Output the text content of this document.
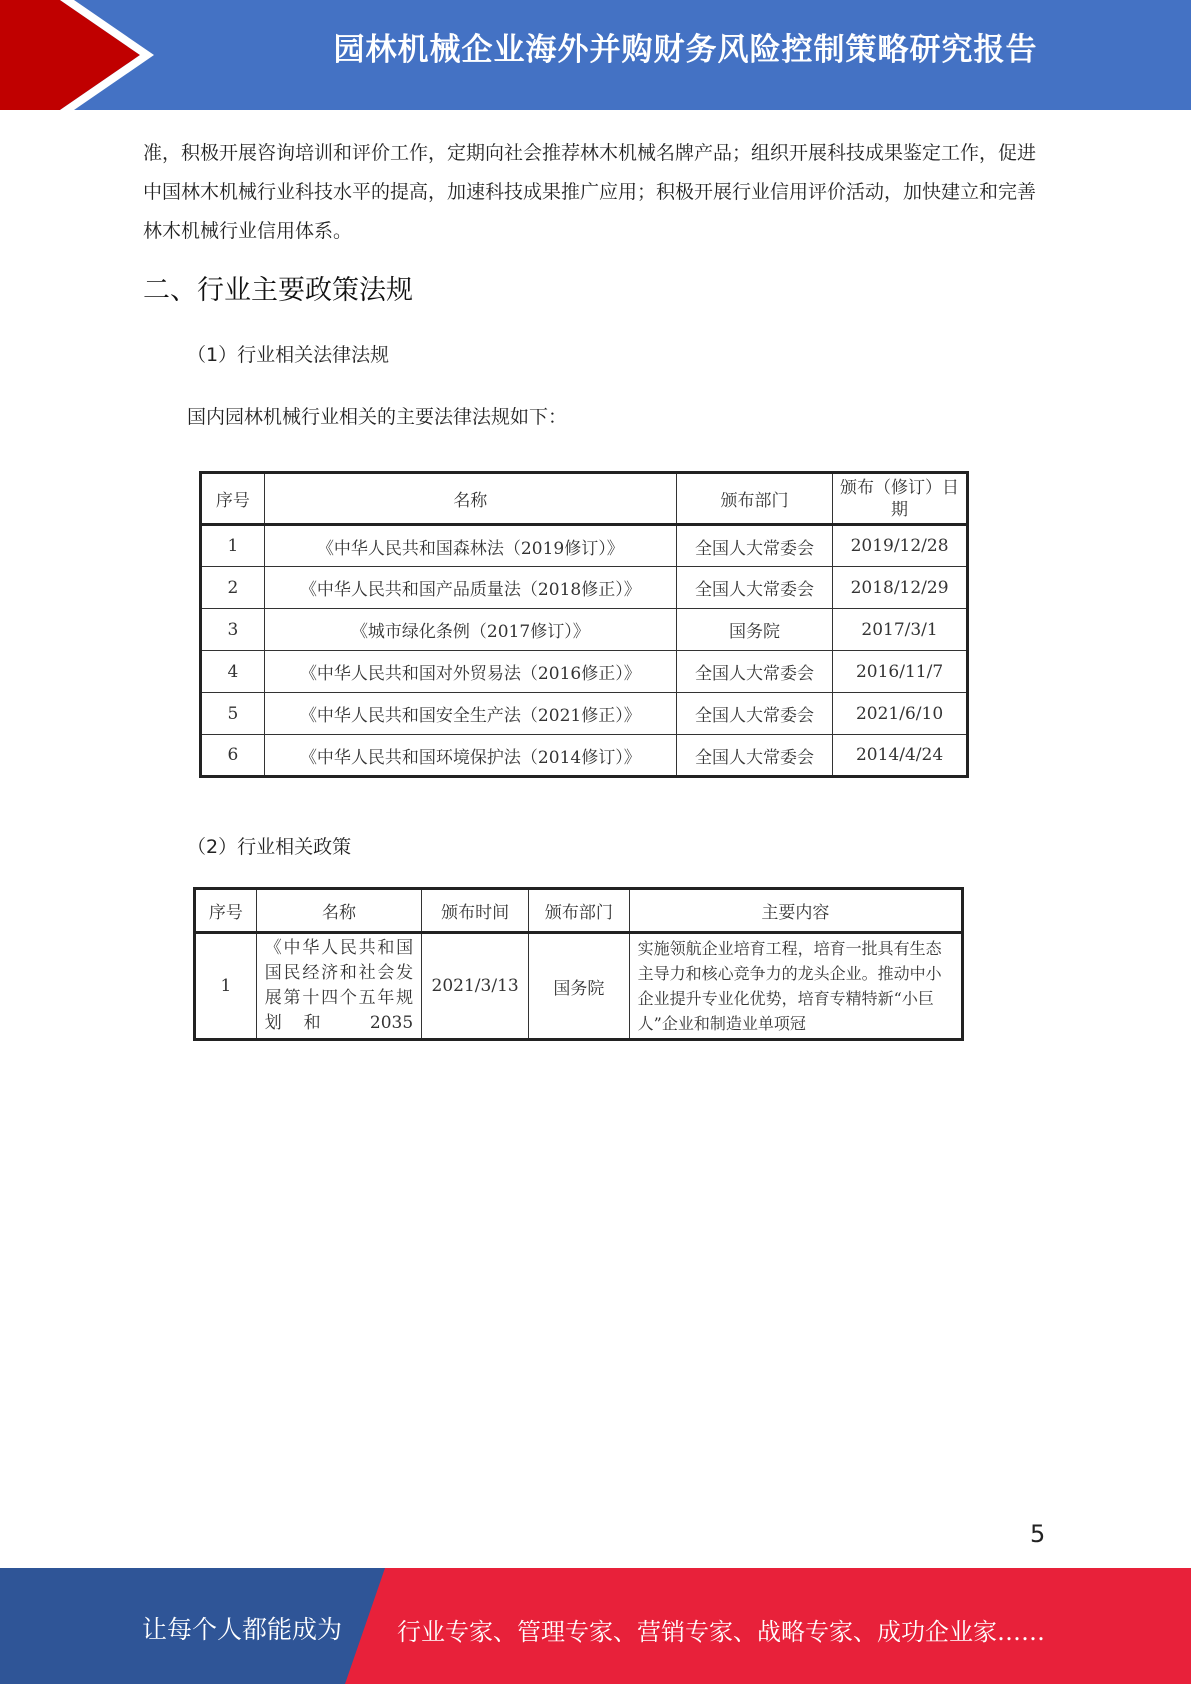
园林机械企业海外并购财务风险控制策略研究报告
准，积极开展咨询培训和评价工作，定期向社会推荐林木机械名牌产品；组织开展科技成果鉴定工作，促进中国林木机械行业科技水平的提高，加速科技成果推广应用；积极开展行业信用评价活动，加快建立和完善林木机械行业信用体系。
二、行业主要政策法规
（1）行业相关法律法规
国内园林机械行业相关的主要法律法规如下：
序号	名称	颁布部门	颁布（修订）日期
1	《中华人民共和国森林法（2019修订）》	全国人大常委会	2019/12/28
2	《中华人民共和国产品质量法（2018修正）》	全国人大常委会	2018/12/29
3	《城市绿化条例（2017修订）》	国务院	2017/3/1
4	《中华人民共和国对外贸易法（2016修正）》	全国人大常委会	2016/11/7
5	《中华人民共和国安全生产法（2021修正）》	全国人大常委会	2021/6/10
6	《中华人民共和国环境保护法（2014修订）》	全国人大常委会	2014/4/24
（2）行业相关政策
序号	名称	颁布时间	颁布部门	主要内容
1	《中华人民共和国国民经济和社会发展第十四个五年规划和 2035	2021/3/13	国务院	实施领航企业培育工程，培育一批具有生态主导力和核心竞争力的龙头企业。推动中小企业提升专业化优势，培育专精特新“小巨人”企业和制造业单项冠
5
让每个人都能成为 行业专家、管理专家、营销专家、战略专家、成功企业家……
